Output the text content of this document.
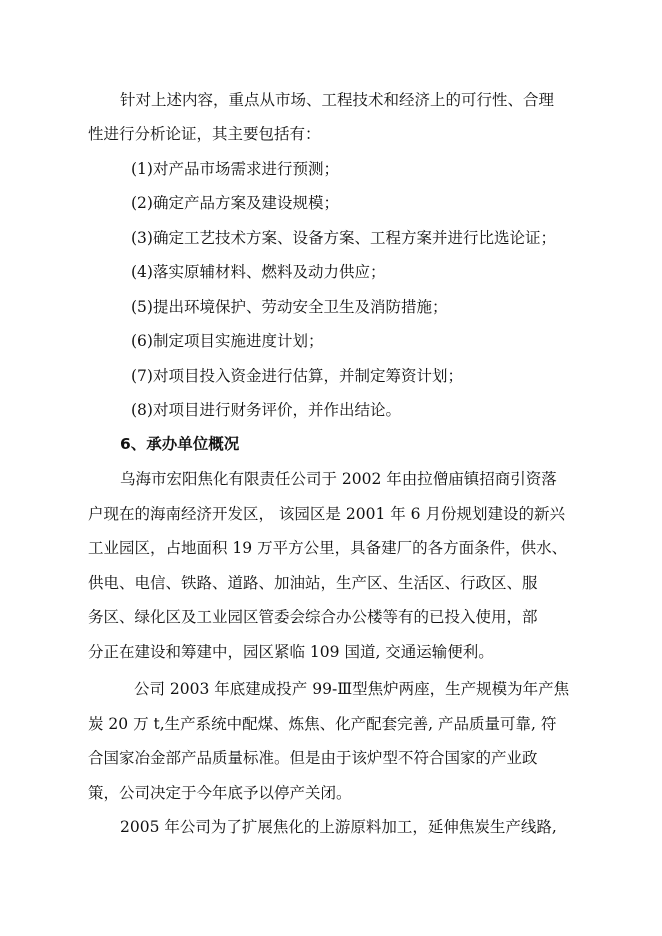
针对上述内容，重点从市场、工程技术和经济上的可行性、合理
性进行分析论证，其主要包括有：
(1)对产品市场需求进行预测；
(2)确定产品方案及建设规模；
(3)确定工艺技术方案、设备方案、工程方案并进行比选论证；
(4)落实原辅材料、燃料及动力供应；
(5)提出环境保护、劳动安全卫生及消防措施；
(6)制定项目实施进度计划；
(7)对项目投入资金进行估算，并制定筹资计划；
(8)对项目进行财务评价，并作出结论。
6、承办单位概况
乌海市宏阳焦化有限责任公司于 2002 年由拉僧庙镇招商引资落
户现在的海南经济开发区， 该园区是 2001 年 6 月份规划建设的新兴
工业园区，占地面积 19 万平方公里，具备建厂的各方面条件，供水、
供电、电信、铁路、道路、加油站，生产区、生活区、行政区、服
务区、绿化区及工业园区管委会综合办公楼等有的已投入使用，部
分正在建设和筹建中，园区紧临 109 国道, 交通运输便利。
公司 2003 年底建成投产 99-Ⅲ型焦炉两座，生产规模为年产焦
炭 20 万 t,生产系统中配煤、炼焦、化产配套完善, 产品质量可靠, 符
合国家冶金部产品质量标准。但是由于该炉型不符合国家的产业政
策，公司决定于今年底予以停产关闭。
2005 年公司为了扩展焦化的上游原料加工，延伸焦炭生产线路,
